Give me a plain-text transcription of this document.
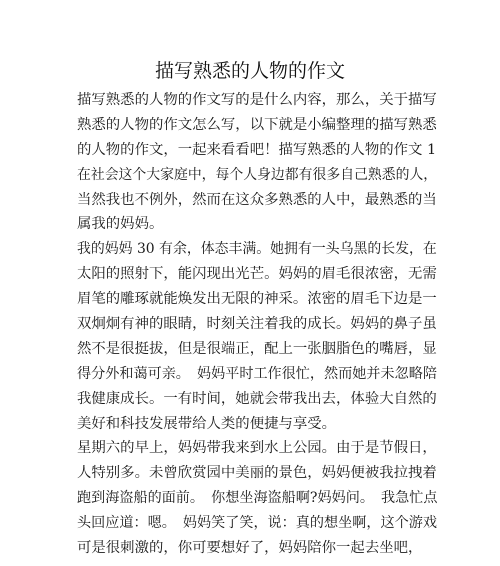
描写熟悉的人物的作文
描写熟悉的人物的作文写的是什么内容，那么，关于描写
熟悉的人物的作文怎么写，以下就是小编整理的描写熟悉
的人物的作文，一起来看看吧！描写熟悉的人物的作文 1
在社会这个大家庭中，每个人身边都有很多自己熟悉的人，
当然我也不例外，然而在这众多熟悉的人中，最熟悉的当
属我的妈妈。
我的妈妈 30 有余，体态丰满。她拥有一头乌黑的长发，在
太阳的照射下，能闪现出光芒。妈妈的眉毛很浓密，无需
眉笔的雕琢就能焕发出无限的神采。浓密的眉毛下边是一
双炯炯有神的眼睛，时刻关注着我的成长。妈妈的鼻子虽
然不是很挺拔，但是很端正，配上一张胭脂色的嘴唇，显
得分外和蔼可亲。　妈妈平时工作很忙，然而她并未忽略陪
我健康成长。一有时间，她就会带我出去，体验大自然的
美好和科技发展带给人类的便捷与享受。
星期六的早上，妈妈带我来到水上公园。由于是节假日，
人特别多。未曾欣赏园中美丽的景色，妈妈便被我拉拽着
跑到海盗船的面前。　你想坐海盗船啊?妈妈问。　我急忙点
头回应道：嗯。　妈妈笑了笑，说：真的想坐啊，这个游戏
可是很刺激的，你可要想好了，妈妈陪你一起去坐吧，
